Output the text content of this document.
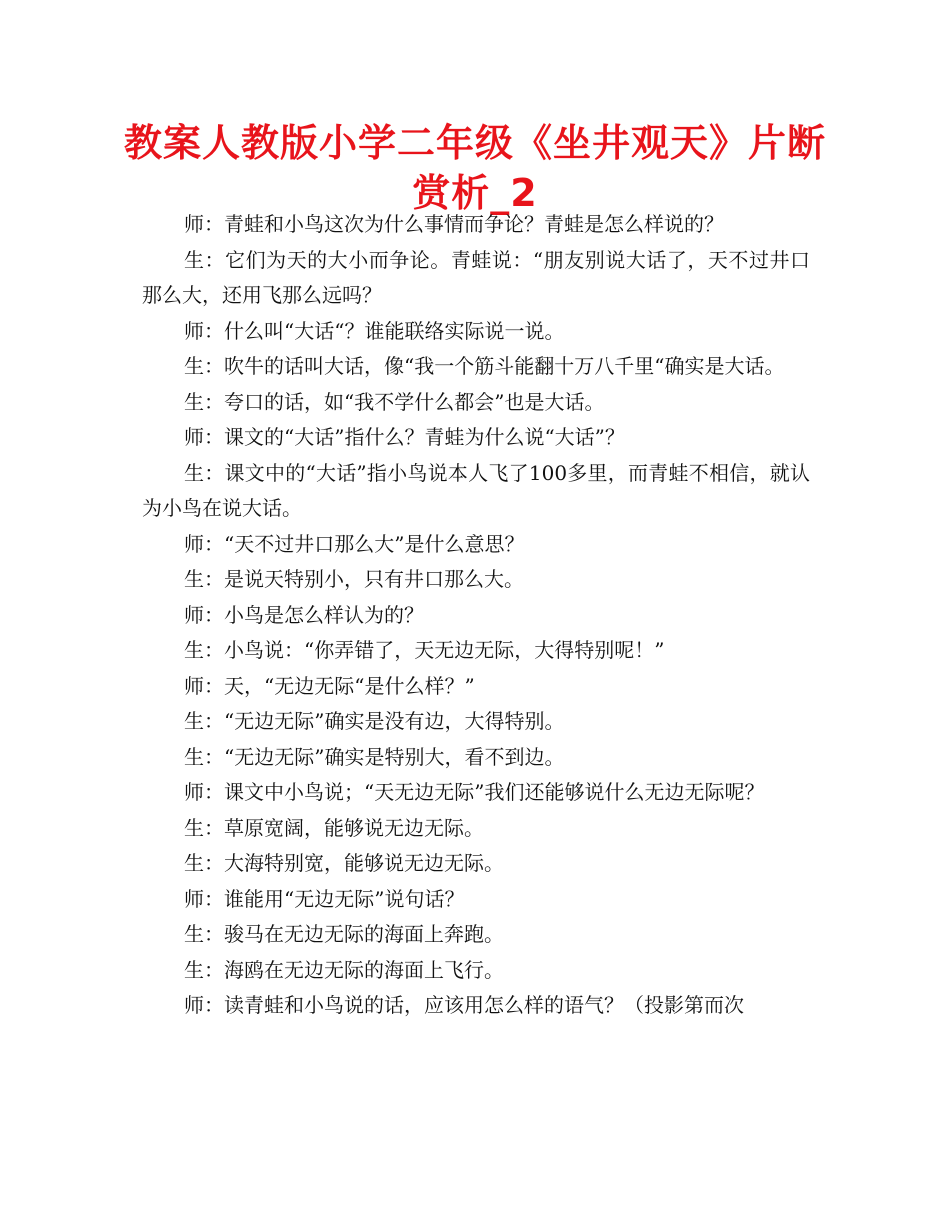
教案人教版小学二年级《坐井观天》片断赏析_2

师：青蛙和小鸟这次为什么事情而争论？青蛙是怎么样说的？

生：它们为天的大小而争论。青蛙说：“朋友别说大话了，天不过井口那么大，还用飞那么远吗？

师：什么叫“大话“？谁能联络实际说一说。

生：吹牛的话叫大话，像“我一个筋斗能翻十万八千里“确实是大话。

生：夸口的话，如“我不学什么都会”也是大话。

师：课文的“大话”指什么？青蛙为什么说“大话”？

生：课文中的“大话”指小鸟说本人飞了100多里，而青蛙不相信，就认为小鸟在说大话。

师：“天不过井口那么大”是什么意思？

生：是说天特别小，只有井口那么大。

师：小鸟是怎么样认为的？

生：小鸟说：“你弄错了，天无边无际，大得特别呢！”

师：天，“无边无际“是什么样？”

生：“无边无际”确实是没有边，大得特别。

生：“无边无际”确实是特别大，看不到边。

师：课文中小鸟说；“天无边无际”我们还能够说什么无边无际呢？

生：草原宽阔，能够说无边无际。

生：大海特别宽，能够说无边无际。

师：谁能用“无边无际”说句话？

生：骏马在无边无际的海面上奔跑。

生：海鸥在无边无际的海面上飞行。

师：读青蛙和小鸟说的话，应该用怎么样的语气？（投影第而次
